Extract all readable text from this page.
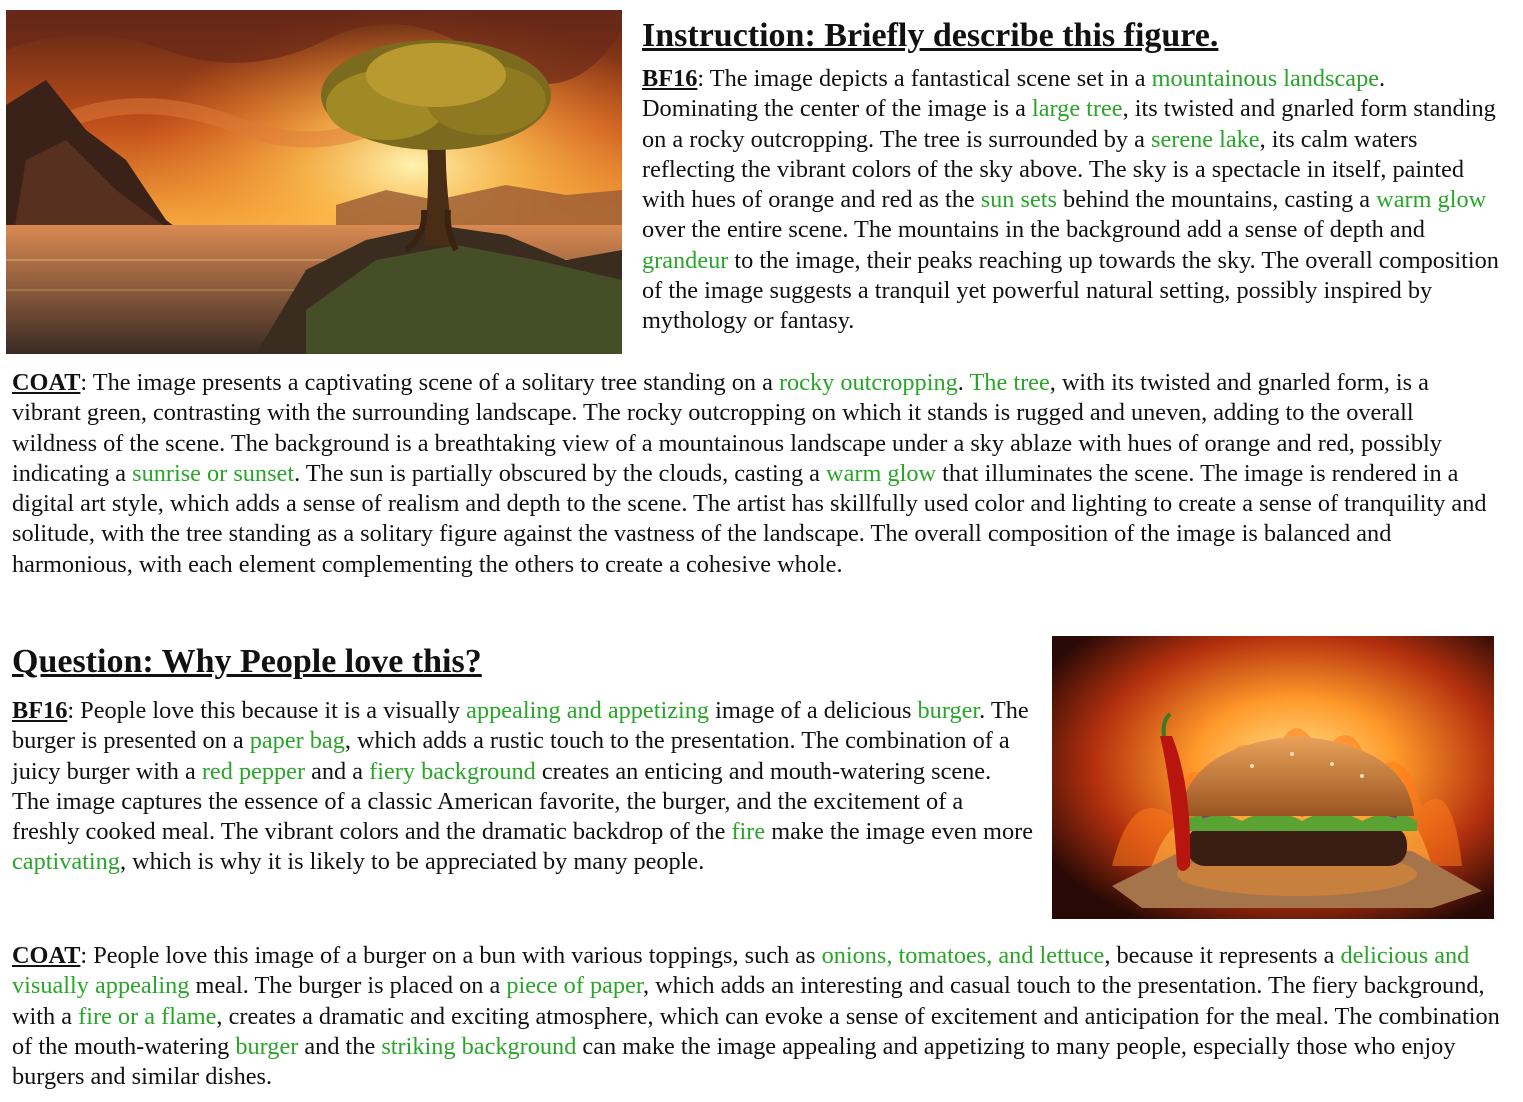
Instruction: Briefly describe this figure.
BF16: The image depicts a fantastical scene set in a mountainous landscape. Dominating the center of the image is a large tree, its twisted and gnarled form standing on a rocky outcropping. The tree is surrounded by a serene lake, its calm waters reflecting the vibrant colors of the sky above. The sky is a spectacle in itself, painted with hues of orange and red as the sun sets behind the mountains, casting a warm glow over the entire scene. The mountains in the background add a sense of depth and grandeur to the image, their peaks reaching up towards the sky. The overall composition of the image suggests a tranquil yet powerful natural setting, possibly inspired by mythology or fantasy.
COAT: The image presents a captivating scene of a solitary tree standing on a rocky outcropping. The tree, with its twisted and gnarled form, is a vibrant green, contrasting with the surrounding landscape. The rocky outcropping on which it stands is rugged and uneven, adding to the overall wildness of the scene. The background is a breathtaking view of a mountainous landscape under a sky ablaze with hues of orange and red, possibly indicating a sunrise or sunset. The sun is partially obscured by the clouds, casting a warm glow that illuminates the scene. The image is rendered in a digital art style, which adds a sense of realism and depth to the scene. The artist has skillfully used color and lighting to create a sense of tranquility and solitude, with the tree standing as a solitary figure against the vastness of the landscape. The overall composition of the image is balanced and harmonious, with each element complementing the others to create a cohesive whole.
Question: Why People love this?
BF16: People love this because it is a visually appealing and appetizing image of a delicious burger. The burger is presented on a paper bag, which adds a rustic touch to the presentation. The combination of a juicy burger with a red pepper and a fiery background creates an enticing and mouth-watering scene. The image captures the essence of a classic American favorite, the burger, and the excitement of a freshly cooked meal. The vibrant colors and the dramatic backdrop of the fire make the image even more captivating, which is why it is likely to be appreciated by many people.
COAT: People love this image of a burger on a bun with various toppings, such as onions, tomatoes, and lettuce, because it represents a delicious and visually appealing meal. The burger is placed on a piece of paper, which adds an interesting and casual touch to the presentation. The fiery background, with a fire or a flame, creates a dramatic and exciting atmosphere, which can evoke a sense of excitement and anticipation for the meal. The combination of the mouth-watering burger and the striking background can make the image appealing and appetizing to many people, especially those who enjoy burgers and similar dishes.
